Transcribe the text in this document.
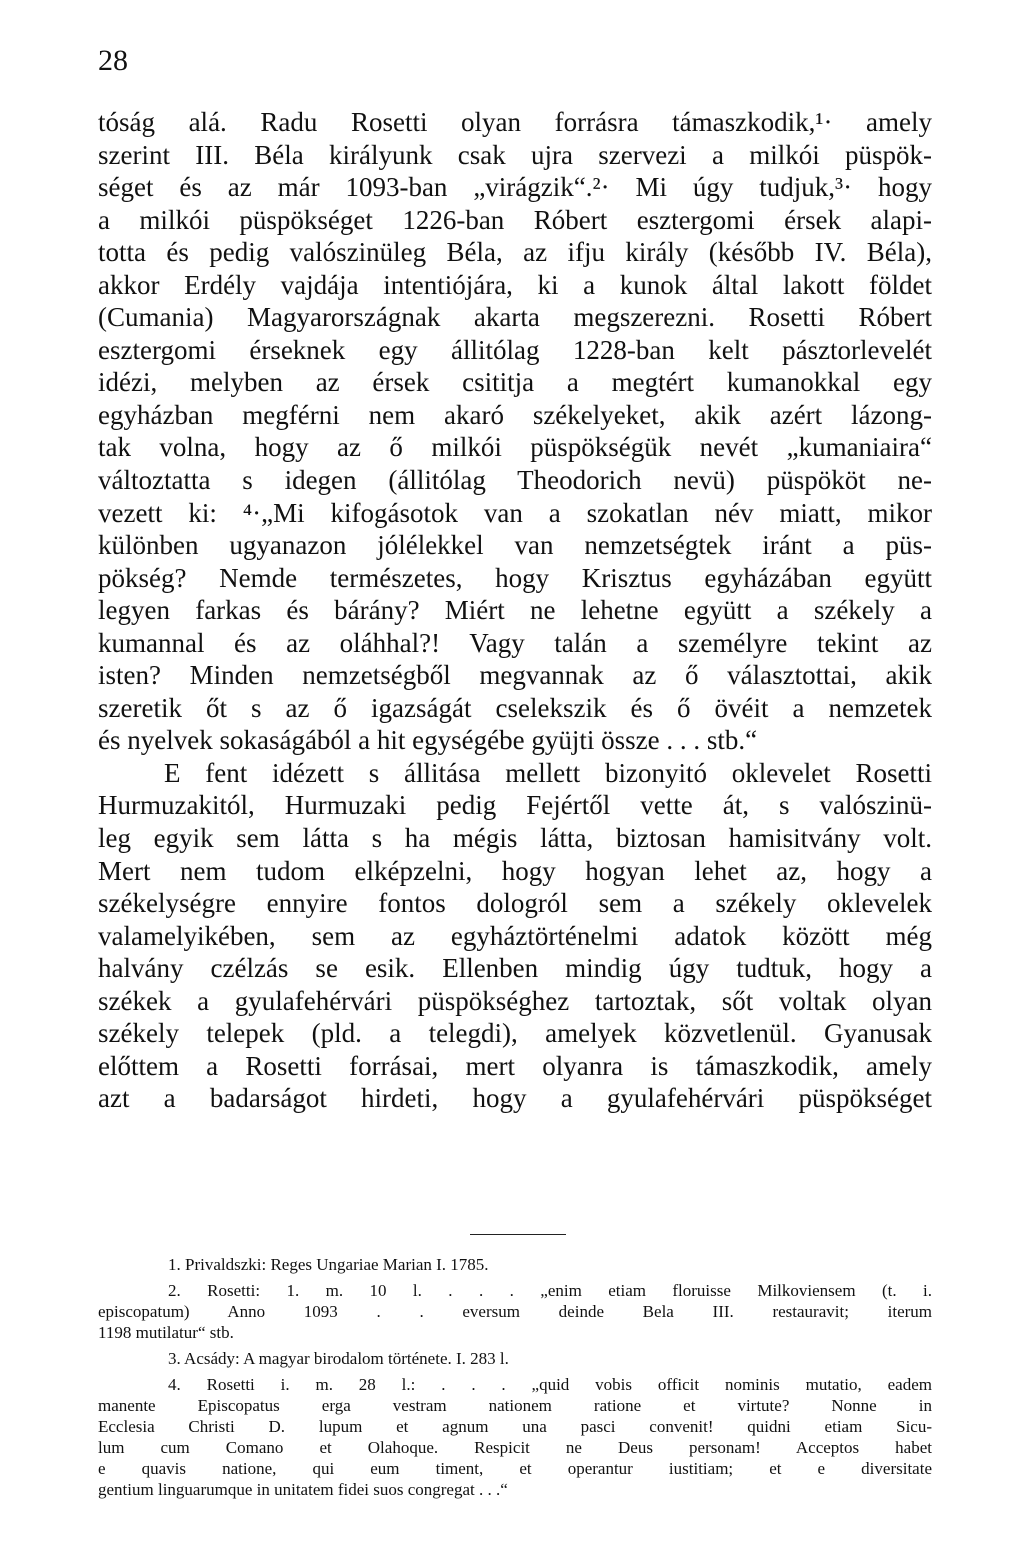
28
tóság alá. Radu Rosetti olyan forrásra támaszkodik,¹· amely
szerint III. Béla királyunk csak ujra szervezi a milkói püspök-
séget és az már 1093-ban „virágzik“.²· Mi úgy tudjuk,³· hogy
a milkói püspökséget 1226-ban Róbert esztergomi érsek alapi-
totta és pedig valószinüleg Béla, az ifju király (később IV. Béla),
akkor Erdély vajdája intentiójára, ki a kunok által lakott földet
(Cumania) Magyarországnak akarta megszerezni. Rosetti Róbert
esztergomi érseknek egy állitólag 1228-ban kelt pásztorlevelét
idézi, melyben az érsek csititja a megtért kumanokkal egy
egyházban megférni nem akaró székelyeket, akik azért lázong-
tak volna, hogy az ő milkói püspökségük nevét „kumaniaira“
változtatta s idegen (állitólag Theodorich nevü) püspököt ne-
vezett ki: ⁴·„Mi kifogásotok van a szokatlan név miatt, mikor
különben ugyanazon jólélekkel van nemzetségtek iránt a püs-
pökség? Nemde természetes, hogy Krisztus egyházában együtt
legyen farkas és bárány? Miért ne lehetne együtt a székely a
kumannal és az oláhhal?! Vagy talán a személyre tekint az
isten? Minden nemzetségből megvannak az ő választottai, akik
szeretik őt s az ő igazságát cselekszik és ő övéit a nemzetek
és nyelvek sokaságából a hit egységébe gyüjti össze . . . stb.“
E fent idézett s állitása mellett bizonyitó oklevelet Rosetti
Hurmuzakitól, Hurmuzaki pedig Fejértől vette át, s valószinü-
leg egyik sem látta s ha mégis látta, biztosan hamisitvány volt.
Mert nem tudom elképzelni, hogy hogyan lehet az, hogy a
székelységre ennyire fontos dologról sem a székely oklevelek
valamelyikében, sem az egyháztörténelmi adatok között még
halvány czélzás se esik. Ellenben mindig úgy tudtuk, hogy a
székek a gyulafehérvári püspökséghez tartoztak, sőt voltak olyan
székely telepek (pld. a telegdi), amelyek közvetlenül. Gyanusak
előttem a Rosetti forrásai, mert olyanra is támaszkodik, amely
azt a badarságot hirdeti, hogy a gyulafehérvári püspökséget
1. Privaldszki: Reges Ungariae Marian I. 1785.
2. Rosetti: 1. m. 10 l. . . . „enim etiam floruisse Milkoviensem (t. i.
episcopatum) Anno 1093 . . eversum deinde Bela III. restauravit; iterum
1198 mutilatur“ stb.
3. Acsády: A magyar birodalom története. I. 283 l.
4. Rosetti i. m. 28 l.: . . . „quid vobis officit nominis mutatio, eadem
manente Episcopatus erga vestram nationem ratione et virtute? Nonne in
Ecclesia Christi D. lupum et agnum una pasci convenit! quidni etiam Sicu-
lum cum Comano et Olahoque. Respicit ne Deus personam! Acceptos habet
e quavis natione, qui eum timent, et operantur iustitiam; et e diversitate
gentium linguarumque in unitatem fidei suos congregat . . .“
